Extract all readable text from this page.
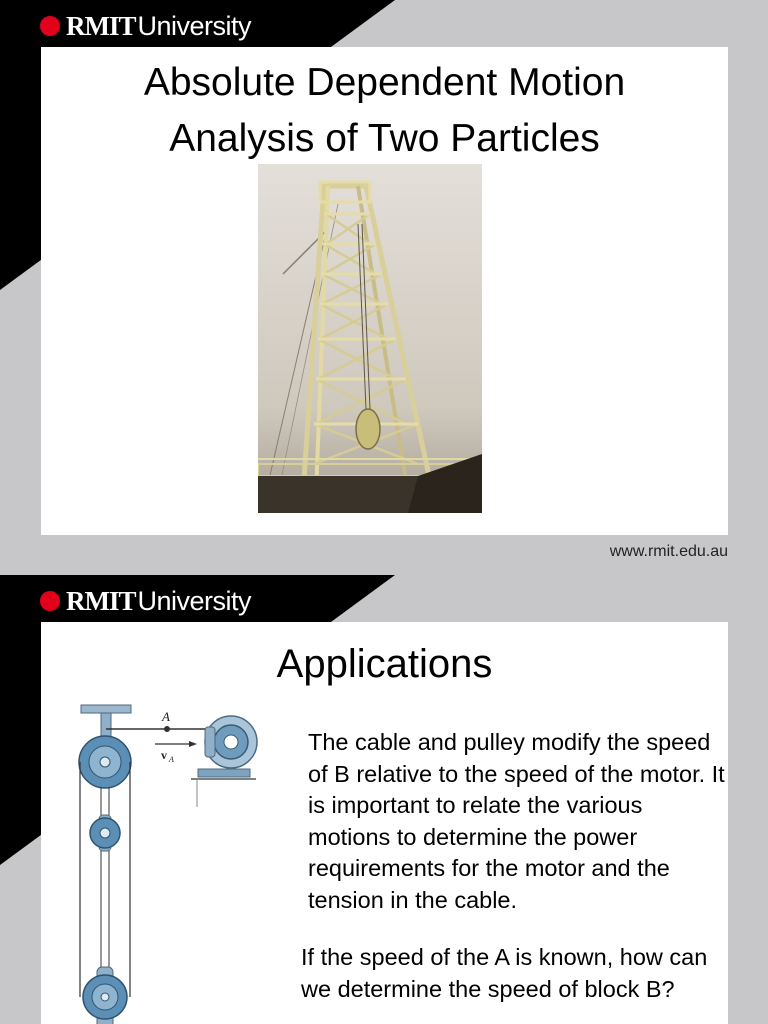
RMIT University
Absolute Dependent Motion
Analysis of Two Particles
www.rmit.edu.au
RMIT University
Applications
A
v A

The cable and pulley modify the speed of B relative to the speed of the motor. It is important to relate the various motions to determine the power requirements for the motor and the tension in the cable.

If the speed of the A is known, how can we determine the speed of block B?
